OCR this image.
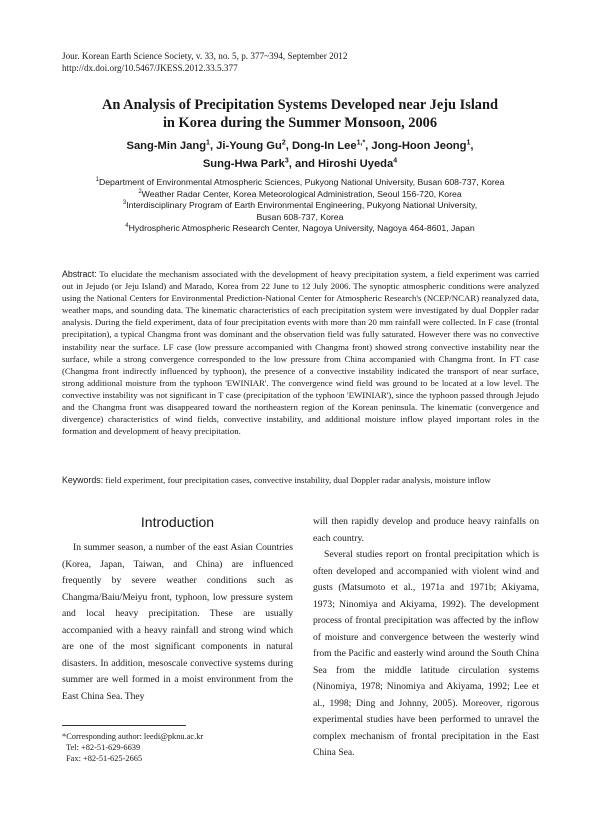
Jour. Korean Earth Science Society, v. 33, no. 5, p. 377~394, September 2012
http://dx.doi.org/10.5467/JKESS.2012.33.5.377
An Analysis of Precipitation Systems Developed near Jeju Island
in Korea during the Summer Monsoon, 2006
Sang-Min Jang$^1$, Ji-Young Gu$^2$, Dong-In Lee$^{1,*}$, Jong-Hoon Jeong$^1$,
Sung-Hwa Park$^3$, and Hiroshi Uyeda$^4$
$^1$Department of Environmental Atmospheric Sciences, Pukyong National University, Busan 608-737, Korea
$^2$Weather Radar Center, Korea Meteorological Administration, Seoul 156-720, Korea
$^3$Interdisciplinary Program of Earth Environmental Engineering, Pukyong National University,
Busan 608-737, Korea
$^4$Hydrospheric Atmospheric Research Center, Nagoya University, Nagoya 464-8601, Japan
Abstract: To elucidate the mechanism associated with the development of heavy precipitation system, a field experiment was carried out in Jejudo (or Jeju Island) and Marado, Korea from 22 June to 12 July 2006. The synoptic atmospheric conditions were analyzed using the National Centers for Environmental Prediction-National Center for Atmospheric Research's (NCEP/NCAR) reanalyzed data, weather maps, and sounding data. The kinematic characteristics of each precipitation system were investigated by dual Doppler radar analysis. During the field experiment, data of four precipitation events with more than 20 mm rainfall were collected. In F case (frontal precipitation), a typical Changma front was dominant and the observation field was fully saturated. However there was no convective instability near the surface. LF case (low pressure accompanied with Changma front) showed strong convective instability near the surface, while a strong convergence corresponded to the low pressure from China accompanied with Changma front. In FT case (Changma front indirectly influenced by typhoon), the presence of a convective instability indicated the transport of near surface, strong additional moisture from the typhoon 'EWINIAR'. The convergence wind field was ground to be located at a low level. The convective instability was not significant in T case (precipitation of the typhoon 'EWINIAR'), since the typhoon passed through Jejudo and the Changma front was disappeared toward the northeastern region of the Korean peninsula. The kinematic (convergence and divergence) characteristics of wind fields, convective instability, and additional moisture inflow played important roles in the formation and development of heavy precipitation.
Keywords: field experiment, four precipitation cases, convective instability, dual Doppler radar analysis, moisture inflow
Introduction

In summer season, a number of the east Asian Countries (Korea, Japan, Taiwan, and China) are influenced frequently by severe weather conditions such as Changma/Baiu/Meiyu front, typhoon, low pressure system and local heavy precipitation. These are usually accompanied with a heavy rainfall and strong wind which are one of the most significant components in natural disasters. In addition, mesoscale convective systems during summer are well formed in a moist environment from the East China Sea. They

will then rapidly develop and produce heavy rainfalls on each country.

Several studies report on frontal precipitation which is often developed and accompanied with violent wind and gusts (Matsumoto et al., 1971a and 1971b; Akiyama, 1973; Ninomiya and Akiyama, 1992). The development process of frontal precipitation was affected by the inflow of moisture and convergence between the westerly wind from the Pacific and easterly wind around the South China Sea from the middle latitude circulation systems (Ninomiya, 1978; Ninomiya and Akiyama, 1992; Lee et al., 1998; Ding and Johnny, 2005). Moreover, rigorous experimental studies have been performed to unravel the complex mechanism of frontal precipitation in the East China Sea.

*Corresponding author: leedi@pknu.ac.kr
Tel: +82-51-629-6639
Fax: +82-51-625-2665
